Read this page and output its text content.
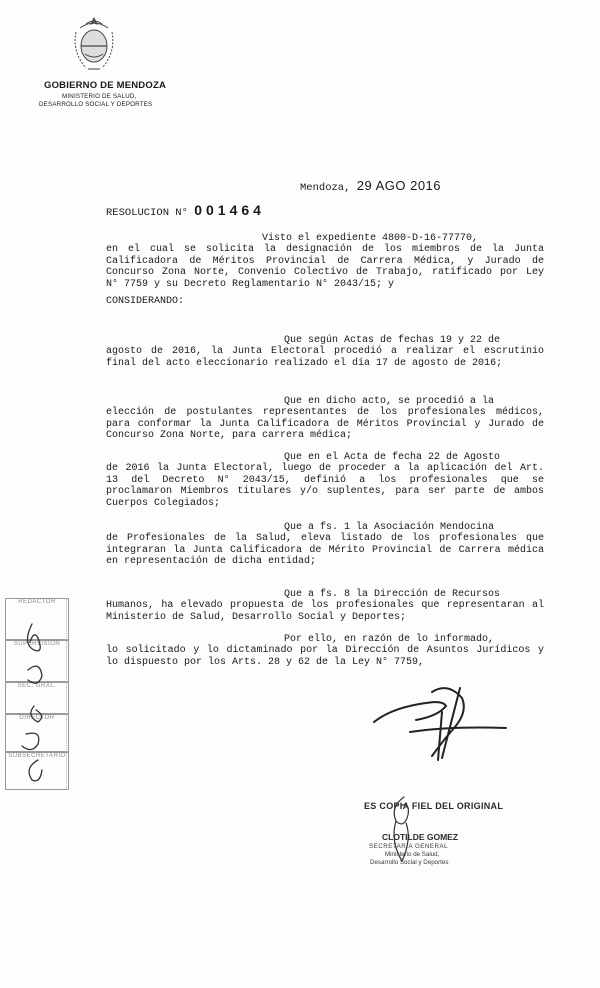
GOBIERNO DE MENDOZA
MINISTERIO DE SALUD,
DESARROLLO SOCIAL Y DEPORTES
Mendoza, 29 AGO 2016
RESOLUCION N° 001464
Visto el expediente 4800-D-16-77770,
en el cual se solicita la designación de los miembros de la Junta Calificadora de Méritos Provincial de Carrera Médica, y Jurado de Concurso Zona Norte, Convenio Colectivo de Trabajo, ratificado por Ley N° 7759 y su Decreto Reglamentario N° 2043/15; y
CONSIDERANDO:
Que según Actas de fechas 19 y 22 de
agosto de 2016, la Junta Electoral procedió a realizar el escrutinio final del acto eleccionario realizado el día 17 de agosto de 2016;
Que en dicho acto, se procedió a la
elección de postulantes representantes de los profesionales médicos, para conformar la Junta Calificadora de Méritos Provincial y Jurado de Concurso Zona Norte, para carrera médica;
Que en el Acta de fecha 22 de Agosto
de 2016 la Junta Electoral, luego de proceder a la aplicación del Art. 13 del Decreto N° 2043/15, definió a los profesionales que se proclamaron Miembros titulares y/o suplentes, para ser parte de ambos Cuerpos Colegiados;
Que a fs. 1 la Asociación Mendocina
de Profesionales de la Salud, eleva listado de los profesionales que integraran la Junta Calificadora de Mérito Provincial de Carrera médica en representación de dicha entidad;
Que a fs. 8 la Dirección de Recursos
Humanos, ha elevado propuesta de los profesionales que representaran al Ministerio de Salud, Desarrollo Social y Deportes;
Por ello, en razón de lo informado,
lo solicitado y lo dictaminado por la Dirección de Asuntos Jurídicos y lo dispuesto por los Arts. 28 y 62 de la Ley N° 7759,
REDACTOR
SUPERVISION
SEC. GRAL.
DIRECTOR
SUBSECRETARIO
ES COPIA FIEL DEL ORIGINAL
CLOTILDE GOMEZ
SECRETARIA GENERAL
Ministerio de Salud,
Desarrollo Social y Deportes
